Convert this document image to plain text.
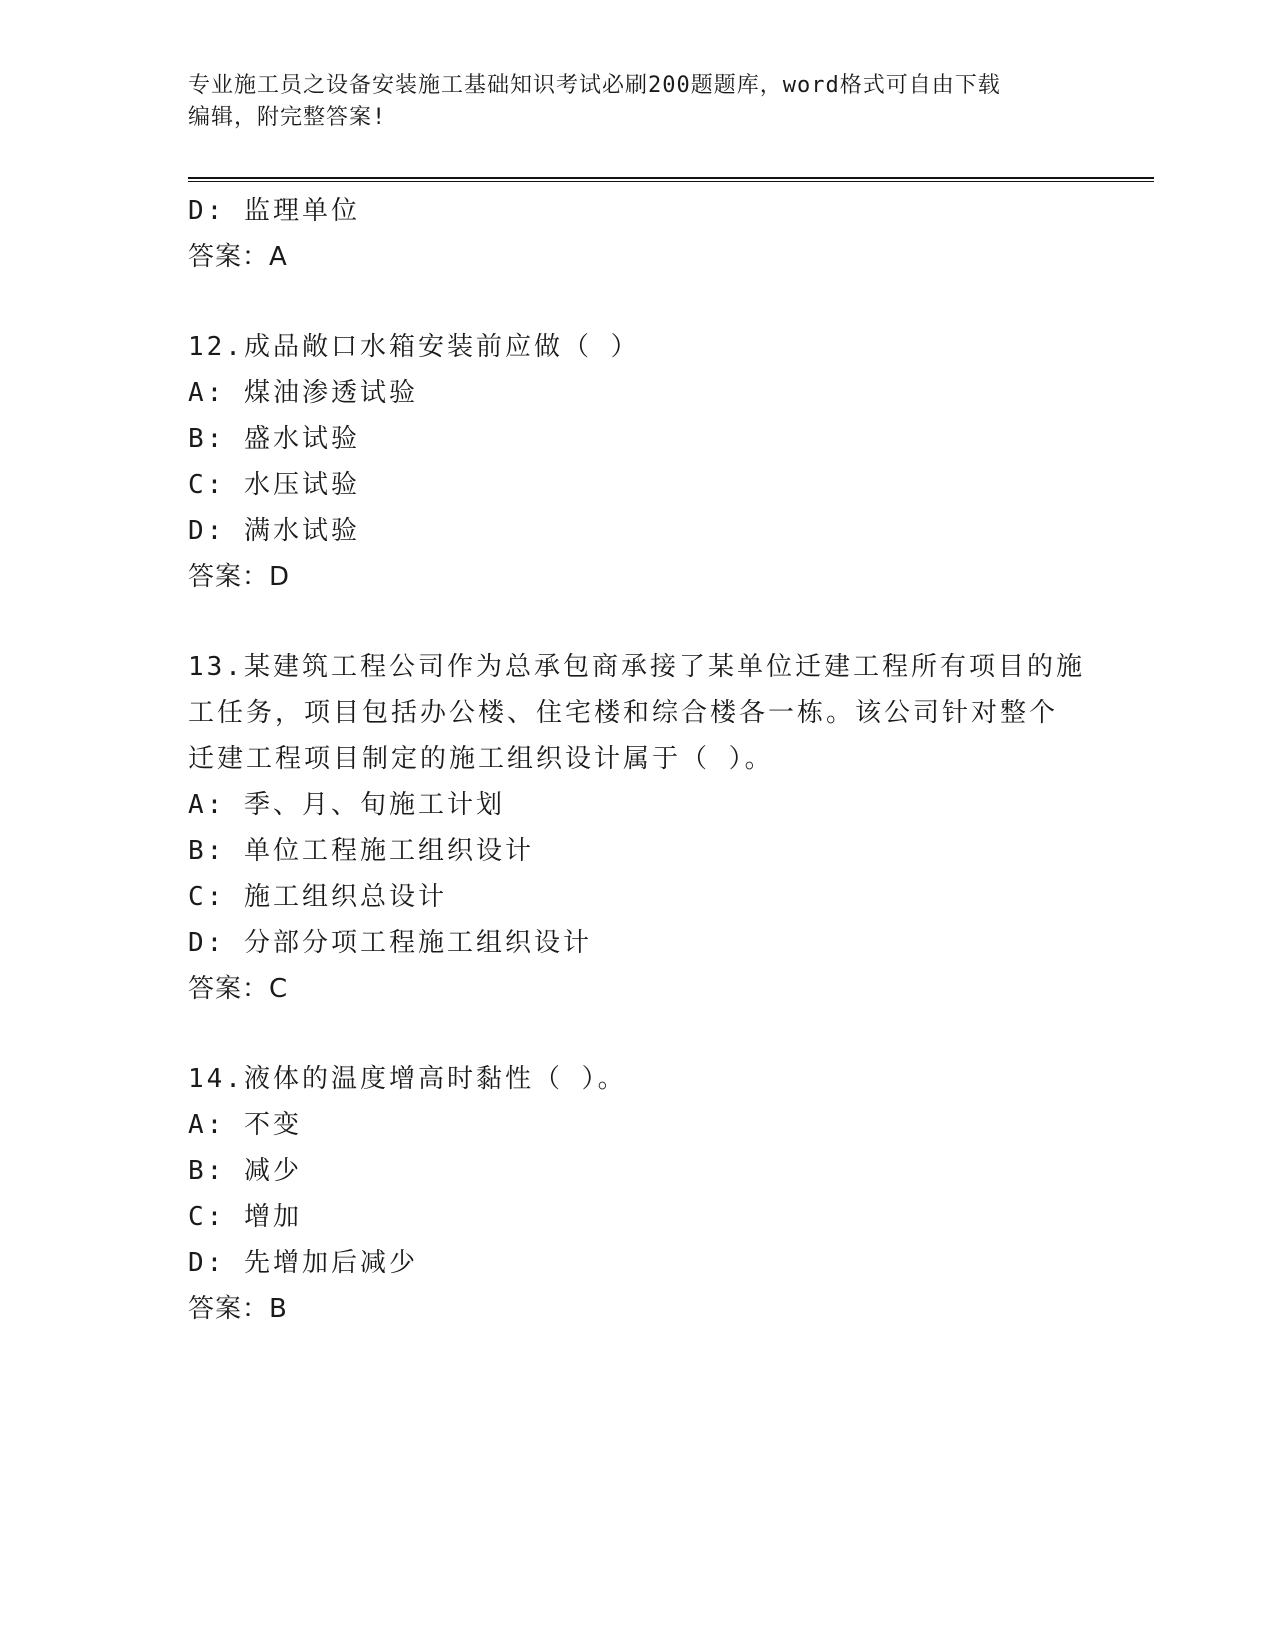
专业施工员之设备安装施工基础知识考试必刷200题题库，word格式可自由下载
编辑，附完整答案!
D: 监理单位
答案：A
12.成品敞口水箱安装前应做（ ）
A: 煤油渗透试验
B: 盛水试验
C: 水压试验
D: 满水试验
答案：D
13.某建筑工程公司作为总承包商承接了某单位迁建工程所有项目的施
工任务，项目包括办公楼、住宅楼和综合楼各一栋。该公司针对整个
迁建工程项目制定的施工组织设计属于（ ）。
A: 季、月、旬施工计划
B: 单位工程施工组织设计
C: 施工组织总设计
D: 分部分项工程施工组织设计
答案：C
14.液体的温度增高时黏性（ ）。
A: 不变
B: 减少
C: 增加
D: 先增加后减少
答案：B
